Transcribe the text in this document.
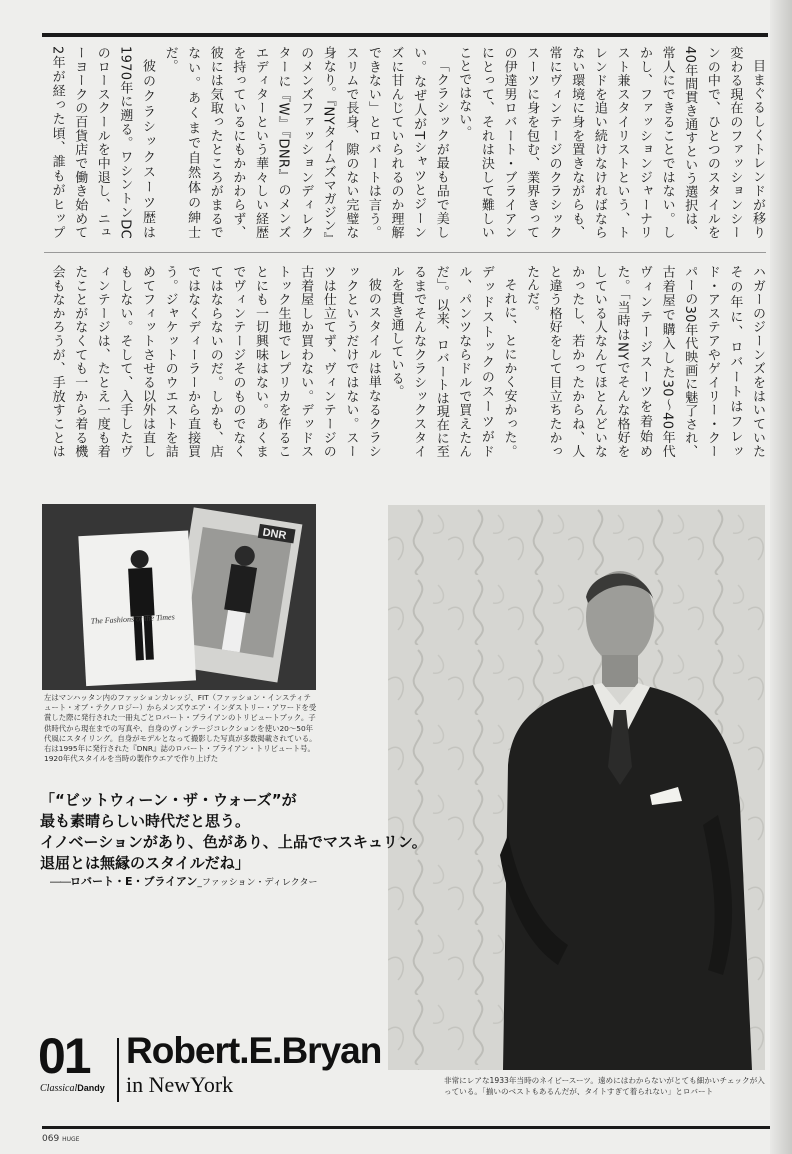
目まぐるしくトレンドが移り変わる現在のファッションシーンの中で、ひとつのスタイルを40年間貫き通すという選択は、常人にできることではない。しかし、ファッションジャーナリスト兼スタイリストという、トレンドを追い続けなければならない環境に身を置きながらも、常にヴィンテージのクラシックスーツに身を包む、業界きっての伊達男ロバート・ブライアンにとって、それは決して難しいことではない。

「クラシックが最も品で美しい。なぜ人がTシャツとジーンズに甘んじていられるのか理解できない」とロバートは言う。スリムで長身、隙のない完璧な身なり。『NYタイムズマガジン』のメンズファッションディレクターに『W』『DNR』のメンズエディターという華々しい経歴を持っているにもかかわらず、彼には気取ったところがまるでない。あくまで自然体の紳士だ。

彼のクラシックスーツ歴は1970年に遡る。ワシントンDCのロースクールを中退し、ニューヨークの百貨店で働き始めて2年が経った頃、誰もがヒップハガーのジーンズをはいていたその年に、ロバートはフレッド・アステアやゲイリー・クーパーの30年代映画に魅了され、古着屋で購入した30〜40年代ヴィンテージスーツを着始めた。「当時はNYでそんな格好をしている人なんてほとんどいなかったし、若かったからね、人と違う格好をして目立ちたかったんだ。

それに、とにかく安かった。デッドストックのスーツがドル、パンツならドルで買えたんだ」。以来、ロバートは現在に至るまでそんなクラシックスタイルを貫き通している。

彼のスタイルは単なるクラシックというだけではない。スーツは仕立てず、ヴィンテージの古着屋しか買わない。デッドストック生地でレプリカを作ることにも一切興味はない。あくまでヴィンテージそのものでなくてはならないのだ。しかも、店ではなくディーラーから直接買う。ジャケットのウエストを詰めてフィットさせる以外は直しもしない。そして、入手したヴィンテージは、たとえ一度も着たことがなくても一から着る機会もなかろうが、手放すことは

DNR
The Fashions of the Times
左はマンハッタン内のファッションカレッジ、FIT（ファッション・インスティテュート・オブ・テクノロジー）からメンズウエア・インダストリー・アワードを受賞した際に発行された一冊丸ごとロバート・ブライアンのトリビュートブック。子供時代から現在までの写真や、自身のヴィンテージコレクションを使い20〜50年代風にスタイリング。自身がモデルとなって撮影した写真が多数掲載されている。右は1995年に発行された『DNR』誌のロバート・ブライアン・トリビュート号。1920年代スタイルを当時の製作ウエアで作り上げた
非常にレアな1933年当時のネイビースーツ。遠めにはわからないがとても細かいチェックが入っている。「揃いのベストもあるんだが、タイトすぎて着られない」とロバート
「“ビットウィーン・ザ・ウォーズ”が
最も素晴らしい時代だと思う。
イノベーションがあり、色があり、上品でマスキュリン。
退屈とは無縁のスタイルだね」
――ロバート・E・ブライアン_ファッション・ディレクター
01
ClassicalDandy
Robert.E.Bryan
in NewYork
069 HUGE
